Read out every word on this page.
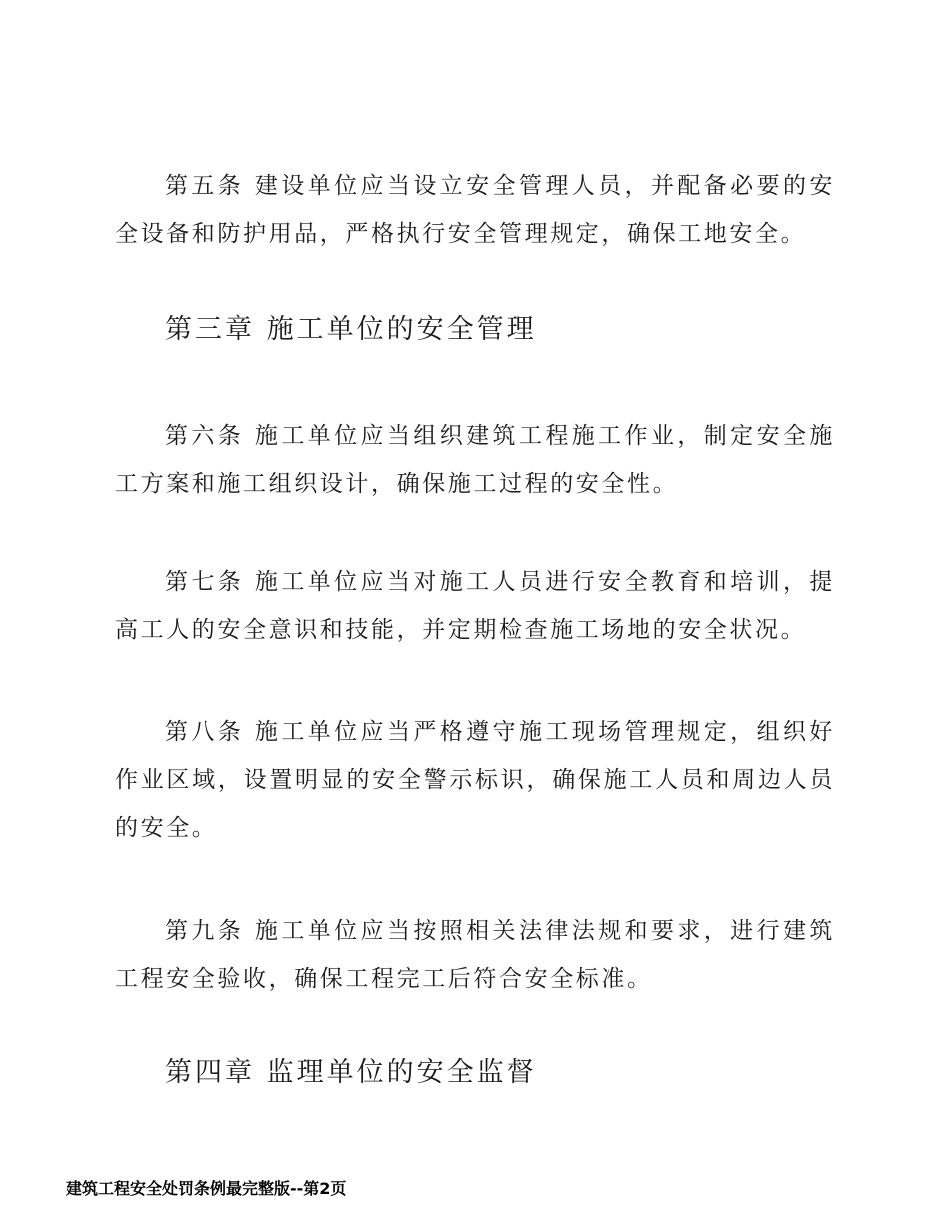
第五条 建设单位应当设立安全管理人员，并配备必要的安全设备和防护用品，严格执行安全管理规定，确保工地安全。

第三章 施工单位的安全管理

第六条 施工单位应当组织建筑工程施工作业，制定安全施工方案和施工组织设计，确保施工过程的安全性。

第七条 施工单位应当对施工人员进行安全教育和培训，提高工人的安全意识和技能，并定期检查施工场地的安全状况。

第八条 施工单位应当严格遵守施工现场管理规定，组织好作业区域，设置明显的安全警示标识，确保施工人员和周边人员的安全。

第九条 施工单位应当按照相关法律法规和要求，进行建筑工程安全验收，确保工程完工后符合安全标准。

第四章 监理单位的安全监督
建筑工程安全处罚条例最完整版--第2页
